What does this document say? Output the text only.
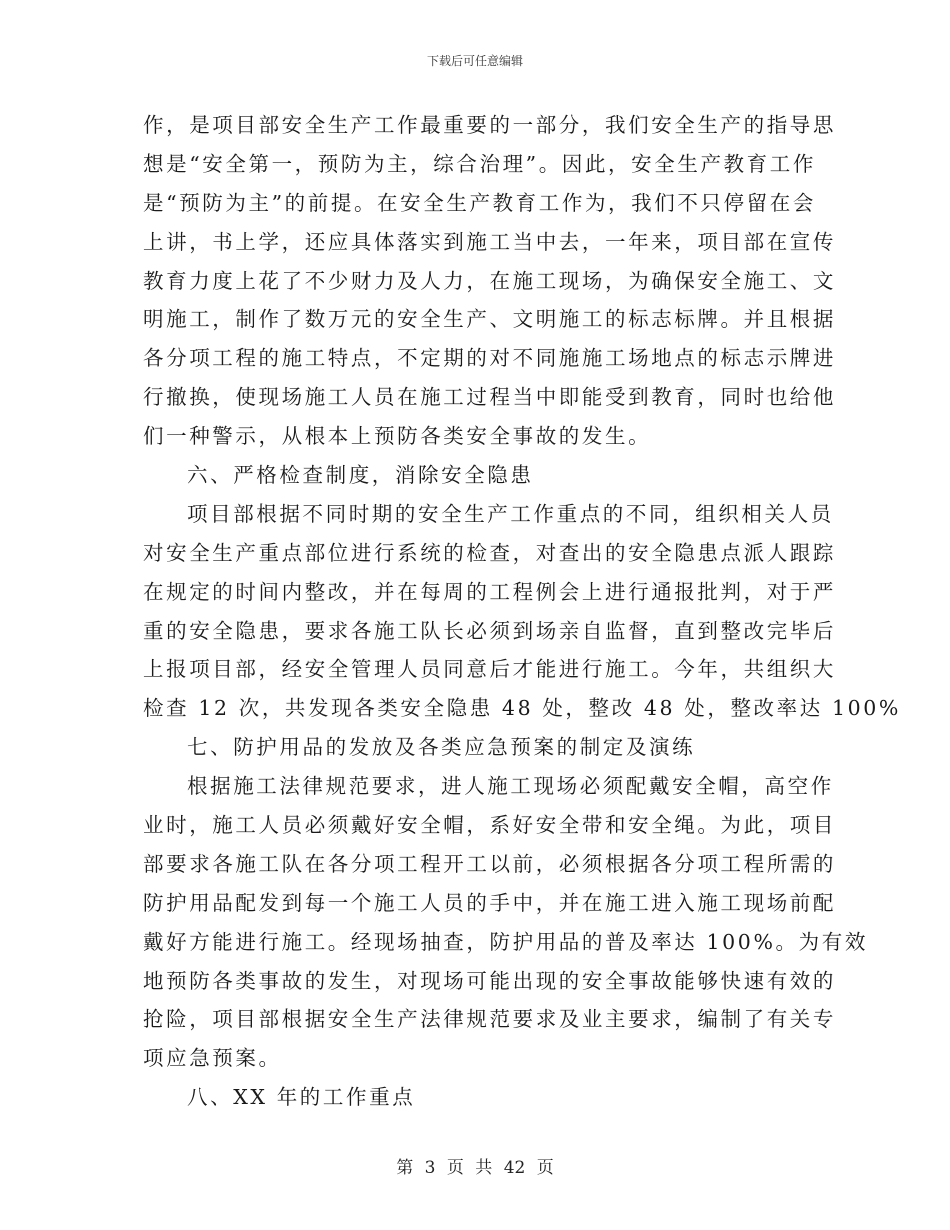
下载后可任意编辑
作，是项目部安全生产工作最重要的一部分，我们安全生产的指导思
想是“安全第一，预防为主，综合治理”。因此，安全生产教育工作
是“预防为主”的前提。在安全生产教育工作为，我们不只停留在会
上讲，书上学，还应具体落实到施工当中去，一年来，项目部在宣传
教育力度上花了不少财力及人力，在施工现场，为确保安全施工、文
明施工，制作了数万元的安全生产、文明施工的标志标牌。并且根据
各分项工程的施工特点，不定期的对不同施施工场地点的标志示牌进
行撤换，使现场施工人员在施工过程当中即能受到教育，同时也给他
们一种警示，从根本上预防各类安全事故的发生。
六、严格检查制度，消除安全隐患
项目部根据不同时期的安全生产工作重点的不同，组织相关人员
对安全生产重点部位进行系统的检查，对查出的安全隐患点派人跟踪
在规定的时间内整改，并在每周的工程例会上进行通报批判，对于严
重的安全隐患，要求各施工队长必须到场亲自监督，直到整改完毕后
上报项目部，经安全管理人员同意后才能进行施工。今年，共组织大
检查 12 次，共发现各类安全隐患 48 处，整改 48 处，整改率达 100%
七、防护用品的发放及各类应急预案的制定及演练
根据施工法律规范要求，进人施工现场必须配戴安全帽，高空作
业时，施工人员必须戴好安全帽，系好安全带和安全绳。为此，项目
部要求各施工队在各分项工程开工以前，必须根据各分项工程所需的
防护用品配发到每一个施工人员的手中，并在施工进入施工现场前配
戴好方能进行施工。经现场抽查，防护用品的普及率达 100%。为有效
地预防各类事故的发生，对现场可能出现的安全事故能够快速有效的
抢险，项目部根据安全生产法律规范要求及业主要求，编制了有关专
项应急预案。
八、XX 年的工作重点
第 3 页 共 42 页
